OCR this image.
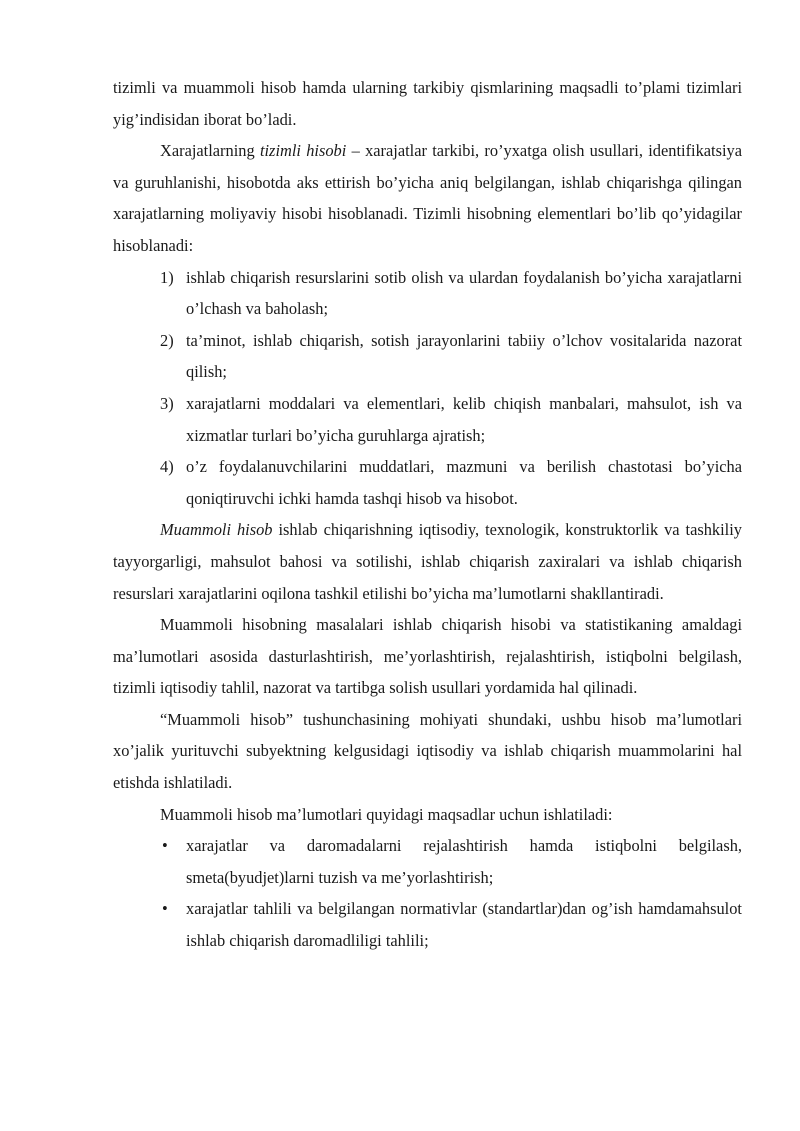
tizimli va muammoli hisob hamda ularning tarkibiy qismlarining maqsadli to’plami tizimlari yig’indisidan iborat bo’ladi.

Xarajatlarning tizimli hisobi – xarajatlar tarkibi, ro’yxatga olish usullari, identifikatsiya va guruhlanishi, hisobotda aks ettirish bo’yicha aniq belgilangan, ishlab chiqarishga qilingan xarajatlarning moliyaviy hisobi hisoblanadi. Tizimli hisobning elementlari bo’lib qo’yidagilar hisoblanadi:

1) ishlab chiqarish resurslarini sotib olish va ulardan foydalanish bo’yicha xarajatlarni o’lchash va baholash;
2) ta’minot, ishlab chiqarish, sotish jarayonlarini tabiiy o’lchov vositalarida nazorat qilish;
3) xarajatlarni moddalari va elementlari, kelib chiqish manbalari, mahsulot, ish va xizmatlar turlari bo’yicha guruhlarga ajratish;
4) o’z foydalanuvchilarini muddatlari, mazmuni va berilish chastotasi bo’yicha qoniqtiruvchi ichki hamda tashqi hisob va hisobot.

Muammoli hisob ishlab chiqarishning iqtisodiy, texnologik, konstruktorlik va tashkiliy tayyorgarligi, mahsulot bahosi va sotilishi, ishlab chiqarish zaxiralari va ishlab chiqarish resurslari xarajatlarini oqilona tashkil etilishi bo’yicha ma’lumotlarni shakllantiradi.

Muammoli hisobning masalalari ishlab chiqarish hisobi va statistikaning amaldagi ma’lumotlari asosida dasturlashtirish, me’yorlashtirish, rejalashtirish, istiqbolni belgilash, tizimli iqtisodiy tahlil, nazorat va tartibga solish usullari yordamida hal qilinadi.

“Muammoli hisob” tushunchasining mohiyati shundaki, ushbu hisob ma’lumotlari xo’jalik yurituvchi subyektning kelgusidagi iqtisodiy va ishlab chiqarish muammolarini hal etishda ishlatiladi.

Muammoli hisob ma’lumotlari quyidagi maqsadlar uchun ishlatiladi:

• xarajatlar va daromadalarni rejalashtirish hamda istiqbolni belgilash, smeta(byudjet)larni tuzish va me’yorlashtirish;
• xarajatlar tahlili va belgilangan normativlar (standartlar)dan og’ish hamdamahsulot ishlab chiqarish daromadliligi tahlili;
